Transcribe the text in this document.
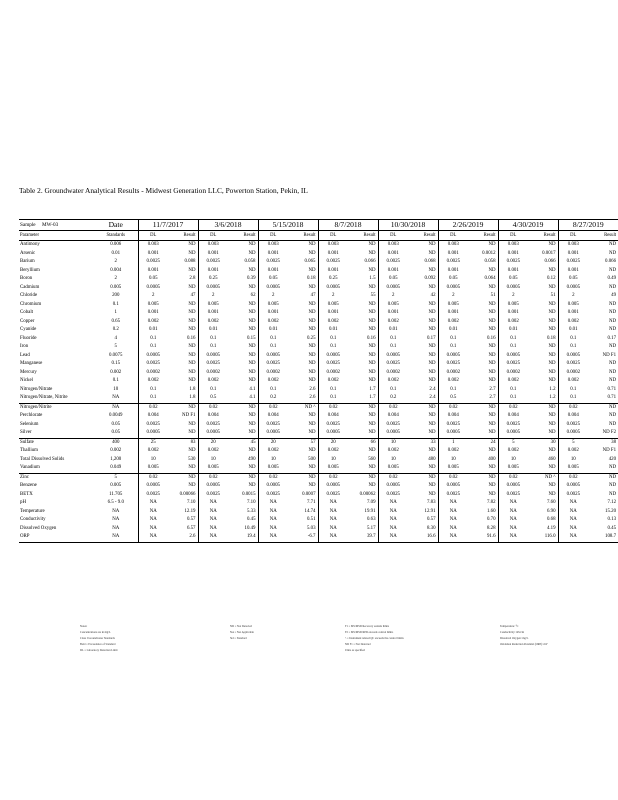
Table 2. Groundwater Analytical Results - Midwest Generation LLC, Powerton Station, Pekin, IL
Sample MW-03	Date	11/7/2017		3/6/2018		5/15/2018		8/7/2018		10/30/2018		2/26/2019		4/30/2019		8/27/2019	
Parameter	Standards	DL	Result	DL	Result	DL	Result	DL	Result	DL	Result	DL	Result	DL	Result	DL	Result
Antimony	0.006	0.003	ND	0.003	ND	0.003	ND	0.003	ND	0.003	ND	0.003	ND	0.003	ND	0.003	ND
Arsenic	0.01	0.001	ND	0.001	ND	0.001	ND	0.001	ND	0.001	ND	0.001	0.0012	0.001	0.0017	0.001	ND
Barium	2	0.0025	0.088	0.0025	0.058	0.0025	0.065	0.0025	0.066	0.0025	0.068	0.0025	0.058	0.0025	0.066	0.0025	0.066
Beryllium	0.004	0.001	ND	0.001	ND	0.001	ND	0.001	ND	0.001	ND	0.001	ND	0.001	ND	0.001	ND
Boron	2	0.05	2.8	0.25	0.39	0.05	0.18	0.25	1.5	0.05	0.092	0.05	0.064	0.05	0.12	0.05	0.49
Cadmium	0.005	0.0005	ND	0.0005	ND	0.0005	ND	0.0005	ND	0.0005	ND	0.0005	ND	0.0005	ND	0.0005	ND
Chloride	200	2	47	2	62	2	47	2	55	2	42	2	51	2	51	2	49
Chromium	0.1	0.005	ND	0.005	ND	0.005	ND	0.005	ND	0.005	ND	0.005	ND	0.005	ND	0.005	ND
Cobalt	1	0.001	ND	0.001	ND	0.001	ND	0.001	ND	0.001	ND	0.001	ND	0.001	ND	0.001	ND
Copper	0.65	0.002	ND	0.002	ND	0.002	ND	0.002	ND	0.002	ND	0.002	ND	0.002	ND	0.002	ND
Cyanide	0.2	0.01	ND	0.01	ND	0.01	ND	0.01	ND	0.01	ND	0.01	ND	0.01	ND	0.01	ND
Fluoride	4	0.1	0.16	0.1	0.15	0.1	0.25	0.1	0.16	0.1	0.17	0.1	0.16	0.1	0.18	0.1	0.17
Iron	5	0.1	ND	0.1	ND	0.1	ND	0.1	ND	0.1	ND	0.1	ND	0.1	ND	0.1	ND
Lead	0.0075	0.0005	ND	0.0005	ND	0.0005	ND	0.0005	ND	0.0005	ND	0.0005	ND	0.0005	ND	0.0005	ND F1
Manganese	0.15	0.0025	ND	0.0025	ND	0.0025	ND	0.0025	ND	0.0025	ND	0.0025	ND	0.0025	ND	0.0025	ND
Mercury	0.002	0.0002	ND	0.0002	ND	0.0002	ND	0.0002	ND	0.0002	ND	0.0002	ND	0.0002	ND	0.0002	ND
Nickel	0.1	0.002	ND	0.002	ND	0.002	ND	0.002	ND	0.002	ND	0.002	ND	0.002	ND	0.002	ND
Nitrogen/Nitrate	10	0.1	1.8	0.1	4.1	0.1	2.6	0.1	1.7	0.1	2.4	0.1	2.7	0.1	1.2	0.1	0.71
Nitrogen/Nitrate, Nitrite	NA	0.1	1.8	0.5	4.1	0.2	2.6	0.1	1.7	0.2	2.4	0.5	2.7	0.1	1.2	0.1	0.71
Nitrogen/Nitrite	NA	0.02	ND	0.02	ND	0.02	ND ^	0.02	ND	0.02	ND	0.02	ND	0.02	ND	0.02	ND
Perchlorate	0.0049	0.004	ND F1	0.004	ND	0.004	ND	0.004	ND	0.004	ND	0.004	ND	0.004	ND	0.004	ND
Selenium	0.05	0.0025	ND	0.0025	ND	0.0025	ND	0.0025	ND	0.0025	ND	0.0025	ND	0.0025	ND	0.0025	ND
Silver	0.05	0.0005	ND	0.0005	ND	0.0005	ND	0.0005	ND	0.0005	ND	0.0005	ND	0.0005	ND	0.0005	ND F2
Sulfate	400	25	83	20	45	20	57	20	66	10	33	1	24	5	30	5	38
Thallium	0.002	0.002	ND	0.002	ND	0.002	ND	0.002	ND	0.002	ND	0.002	ND	0.002	ND	0.002	ND F1
Total Dissolved Solids	1,200	10	530	10	490	10	500	10	560	10	480	10	400	10	460	10	420
Vanadium	0.049	0.005	ND	0.005	ND	0.005	ND	0.005	ND	0.005	ND	0.005	ND	0.005	ND	0.005	ND
Zinc	5	0.02	ND	0.02	ND	0.02	ND	0.02	ND	0.02	ND	0.02	ND	0.02	ND ^	0.02	ND
Benzene	0.005	0.0005	ND	0.0005	ND	0.0005	ND	0.0005	ND	0.0005	ND	0.0005	ND	0.0005	ND	0.0005	ND
BETX	11.705	0.0025	0.00066	0.0025	0.0015	0.0025	0.0007	0.0025	0.00062	0.0025	ND	0.0025	ND	0.0025	ND	0.0025	ND
pH	6.5 - 9.0	NA	7.10	NA	7.10	NA	7.71	NA	7.09	NA	7.83	NA	7.82	NA	7.60	NA	7.12
Temperature	NA	NA	12.19	NA	5.33	NA	14.74	NA	19.91	NA	12.91	NA	1.60	NA	6.90	NA	15.20
Conductivity	NA	NA	0.57	NA	0.45	NA	0.51	NA	0.63	NA	0.57	NA	0.70	NA	0.68	NA	0.13
Dissolved Oxygen	NA	NA	6.57	NA	10.49	NA	5.03	NA	5.17	NA	8.30	NA	8.28	NA	4.19	NA	0.45
ORP	NA	NA	2.6	NA	19.4	NA	-6.7	NA	39.7	NA	16.6	NA	91.6	NA	116.0	NA	108.7
Notes:
Concentrations are in mg/L
Class I Groundwater Standards
Bold = Exceedance of Standard
DL = Laboratory Detection Limit
ND = Not Detected
NA = Not Applicable
Std = Standard
F1 = MS/MSD Recovery outside limits
F2 = MS/MSD RPD exceeds control limits
^ = Instrument related QC exceeds the control limits
ND F1 = Not Detected
Units as specified
Temperature: °C
Conductivity: mS/cm
Dissolved Oxygen: mg/L
Oxidation Reduction Potential (ORP): mV
